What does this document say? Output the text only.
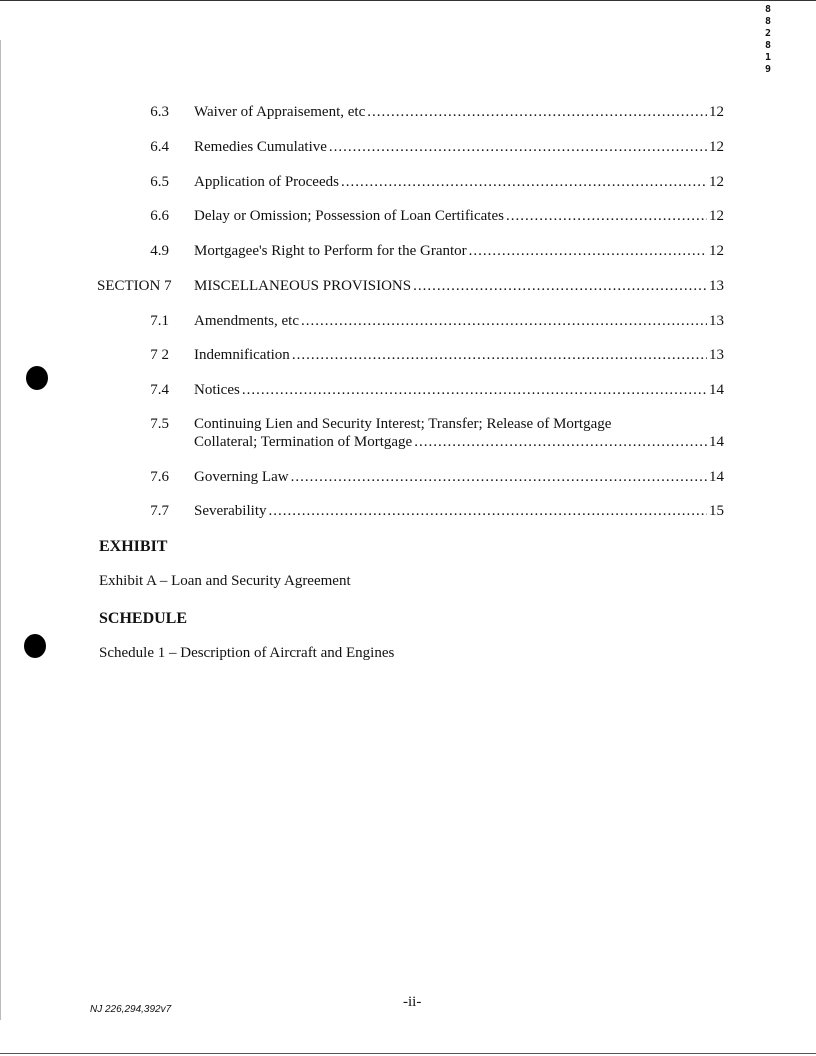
8
8
2
8
1
9
6.3 Waiver of Appraisement, etc .....	12
6.4 Remedies Cumulative .....	12
6.5 Application of Proceeds .....	12
6.6 Delay or Omission; Possession of Loan Certificates .....	12
4.9 Mortgagee's Right to Perform for the Grantor .....	12
SECTION 7 MISCELLANEOUS PROVISIONS .....	13
7.1 Amendments, etc .....	13
7 2 Indemnification .....	13
7.4 Notices .....	14
7.5 Continuing Lien and Security Interest; Transfer; Release of Mortgage
Collateral; Termination of Mortgage .....	14
7.6 Governing Law .....	14
7.7 Severability .....	15
EXHIBIT
Exhibit A – Loan and Security Agreement
SCHEDULE
Schedule 1 – Description of Aircraft and Engines
-ii-
NJ 226,294,392v7
